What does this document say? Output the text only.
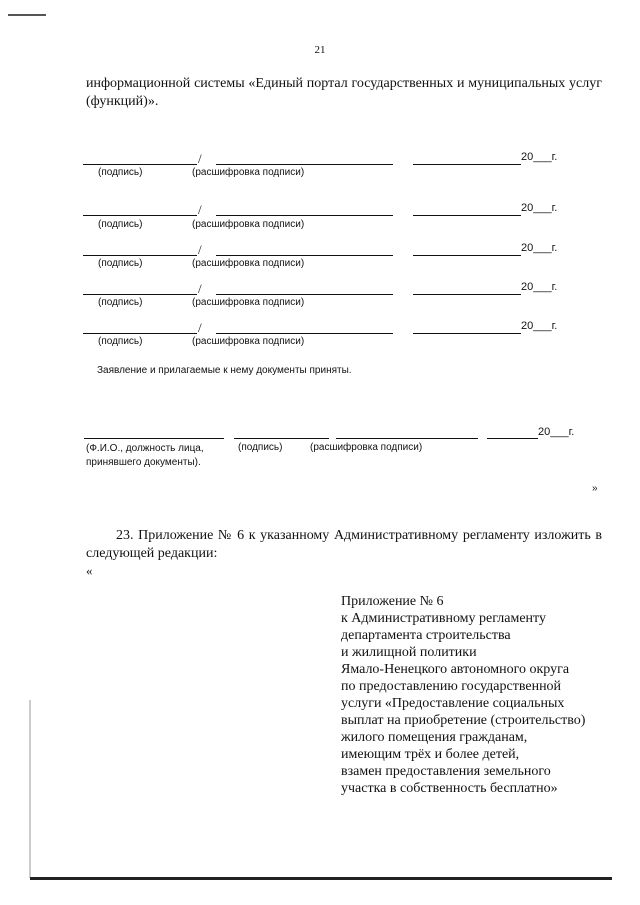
21
информационной системы «Единый портал государственных и муниципальных услуг (функций)».
/	20___г.
(подпись)	(расшифровка подписи)
/	20___г.
(подпись)	(расшифровка подписи)
/	20___г.
(подпись)	(расшифровка подписи)
/	20___г.
(подпись)	(расшифровка подписи)
/	20___г.
(подпись)	(расшифровка подписи)
Заявление и прилагаемые к нему документы приняты.
20___г.
(Ф.И.О., должность лица, принявшего документы).
(подпись)	(расшифровка подписи)
»
23. Приложение № 6 к указанному Административному регламенту изложить в следующей редакции:
«
Приложение № 6
к Административному регламенту
департамента строительства
и жилищной политики
Ямало-Ненецкого автономного округа
по предоставлению государственной
услуги «Предоставление социальных
выплат на приобретение (строительство)
жилого помещения гражданам,
имеющим трёх и более детей,
взамен предоставления земельного
участка в собственность бесплатно»
